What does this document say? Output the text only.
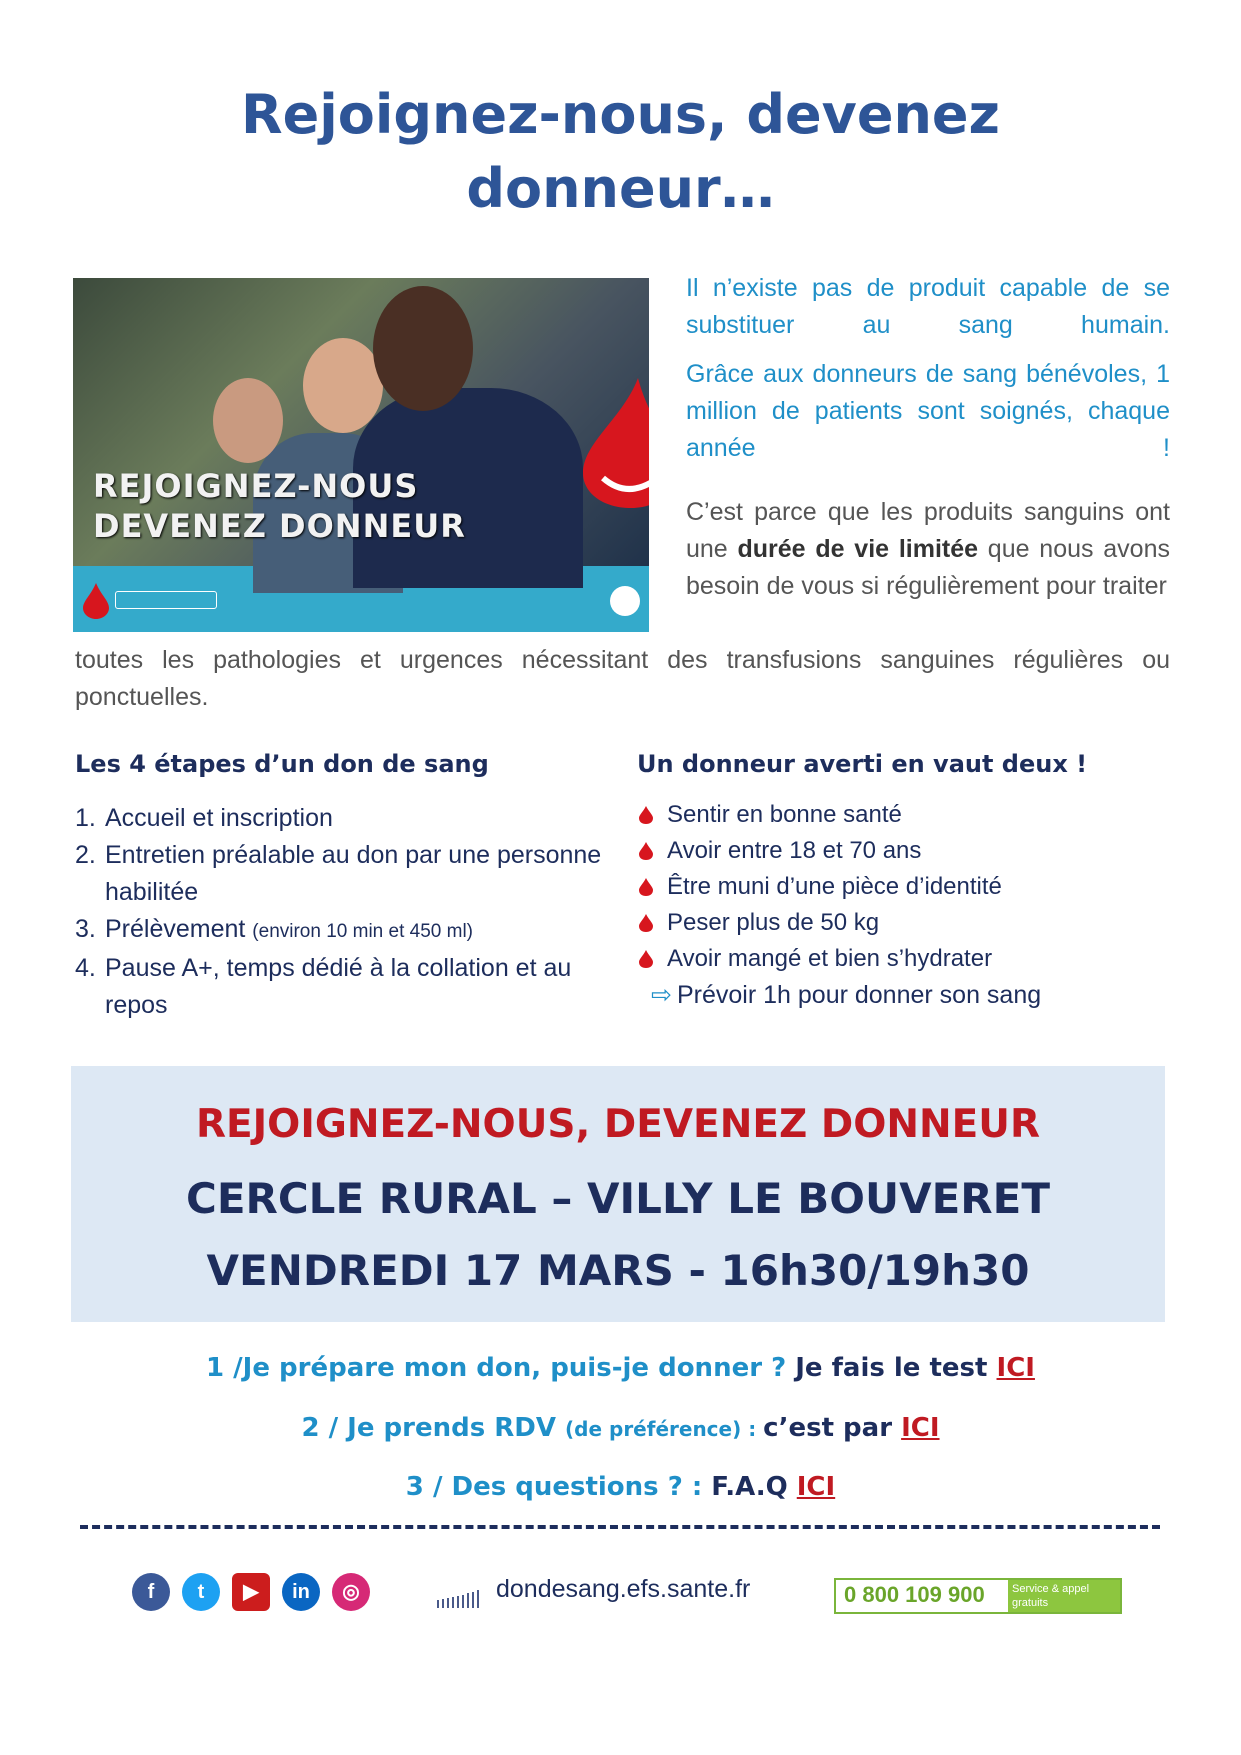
Rejoignez-nous, devenez
donneur…
REJOIGNEZ-NOUS
DEVENEZ DONNEUR

Il n’existe pas de produit capable de se substituer au sang humain.

Grâce aux donneurs de sang bénévoles, 1 million de patients sont soignés, chaque année !

C’est parce que les produits sanguins ont une durée de vie limitée que nous avons besoin de vous si régulièrement pour traiter

toutes les pathologies et urgences nécessitant des transfusions sanguines régulières ou ponctuelles.

Les 4 étapes d’un don de sang
1. Accueil et inscription
2. Entretien préalable au don par une personne habilitée
3. Prélèvement (environ 10 min et 450 ml)
4. Pause A+, temps dédié à la collation et au repos
Un donneur averti en vaut deux !
Sentir en bonne santé
Avoir entre 18 et 70 ans
Être muni d’une pièce d’identité
Peser plus de 50 kg
Avoir mangé et bien s’hydrater
⇨ Prévoir 1h pour donner son sang
REJOIGNEZ-NOUS, DEVENEZ DONNEUR
CERCLE RURAL – VILLY LE BOUVERET
VENDREDI 17 MARS - 16h30/19h30
1 /Je prépare mon don, puis-je donner ? Je fais le test ICI
2 / Je prends RDV (de préférence) : c’est par ICI
3 / Des questions ? : F.A.Q ICI
f	t	▶	in	◎	dondesang.efs.sante.fr	0 800 109 900	Service & appel gratuits
